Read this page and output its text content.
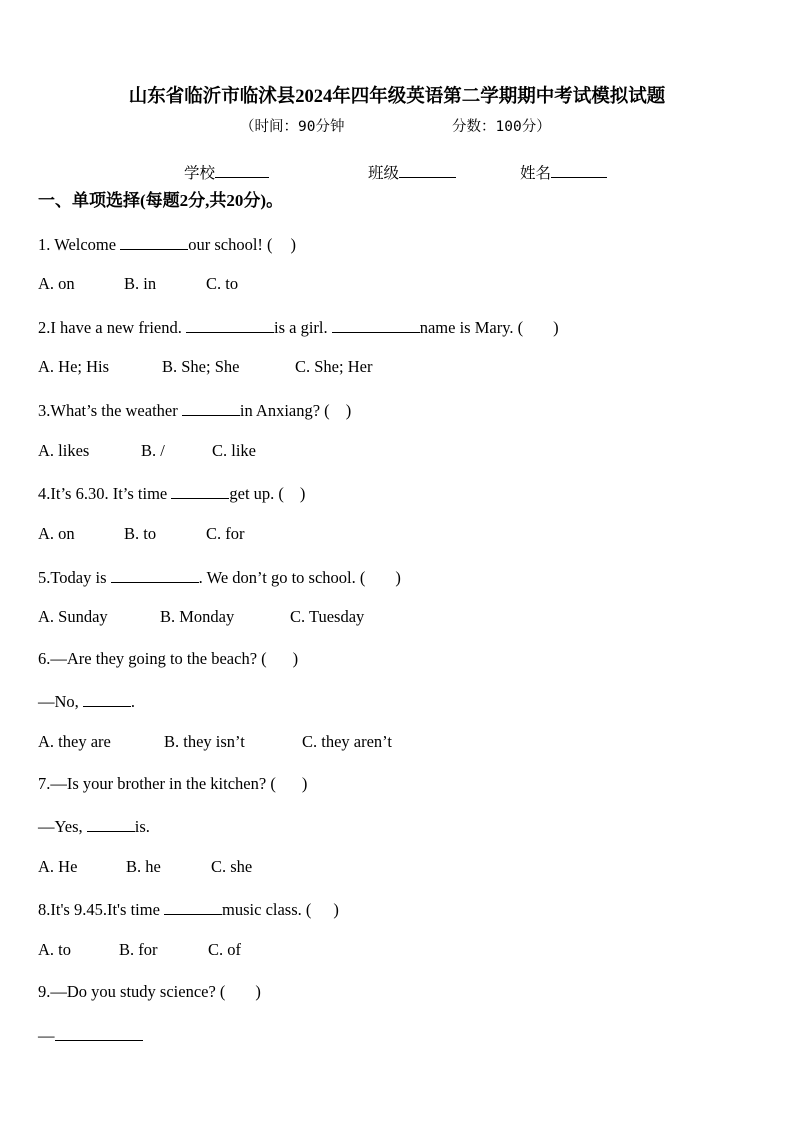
山东省临沂市临沭县2024年四年级英语第二学期期中考试模拟试题
（时间：90分钟	分数：100分）
学校	班级	姓名
一、单项选择(每题2分,共20分)。
1. Welcome	our school! ( )
A. on	B. in	C. to
2.I have a new friend.	is a girl.	name is Mary. ( )
A. He; His	B. She; She	C. She; Her
3.What’s the weather	in Anxiang? ( )
A. likes	B. /	C. like
4.It’s 6.30. It’s time	get up. ( )
A. on	B. to	C. for
5.Today is	. We don’t go to school. ( )
A. Sunday	B. Monday	C. Tuesday
6.—Are they going to the beach? ( )
—No,	.
A. they are	B. they isn’t	C. they aren’t
7.—Is your brother in the kitchen? ( )
—Yes,	is.
A. He	B. he	C. she
8.It's 9.45.It's time	music class. ( )
A. to	B. for	C. of
9.—Do you study science? ( )
—
